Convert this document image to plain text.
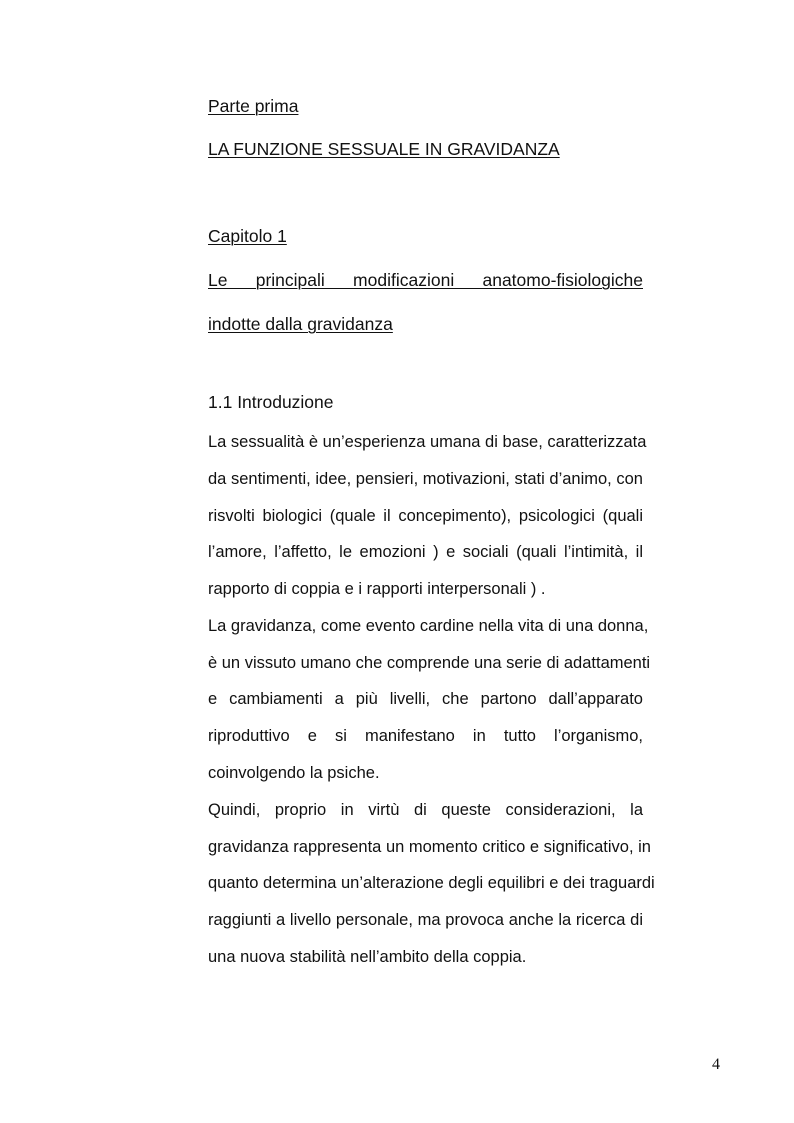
Parte prima

LA FUNZIONE SESSUALE IN GRAVIDANZA

Capitolo 1

Le principali modificazioni anatomo-fisiologiche

indotte dalla gravidanza

1.1 Introduzione

La sessualità è un’esperienza umana di base, caratterizzata

da sentimenti, idee, pensieri, motivazioni, stati d’animo, con

risvolti biologici (quale il concepimento), psicologici (quali

l’amore, l’affetto, le emozioni ) e sociali (quali l’intimità, il

rapporto di coppia e i rapporti interpersonali ) .

La gravidanza, come evento cardine nella vita di una donna,

è un vissuto umano che comprende una serie di adattamenti

e cambiamenti a più livelli, che partono dall’apparato

riproduttivo e si manifestano in tutto l’organismo,

coinvolgendo la psiche.

Quindi, proprio in virtù di queste considerazioni, la

gravidanza rappresenta un momento critico e significativo, in

quanto determina un’alterazione degli equilibri e dei traguardi

raggiunti a livello personale, ma provoca anche la ricerca di

una nuova stabilità nell’ambito della coppia.

4
